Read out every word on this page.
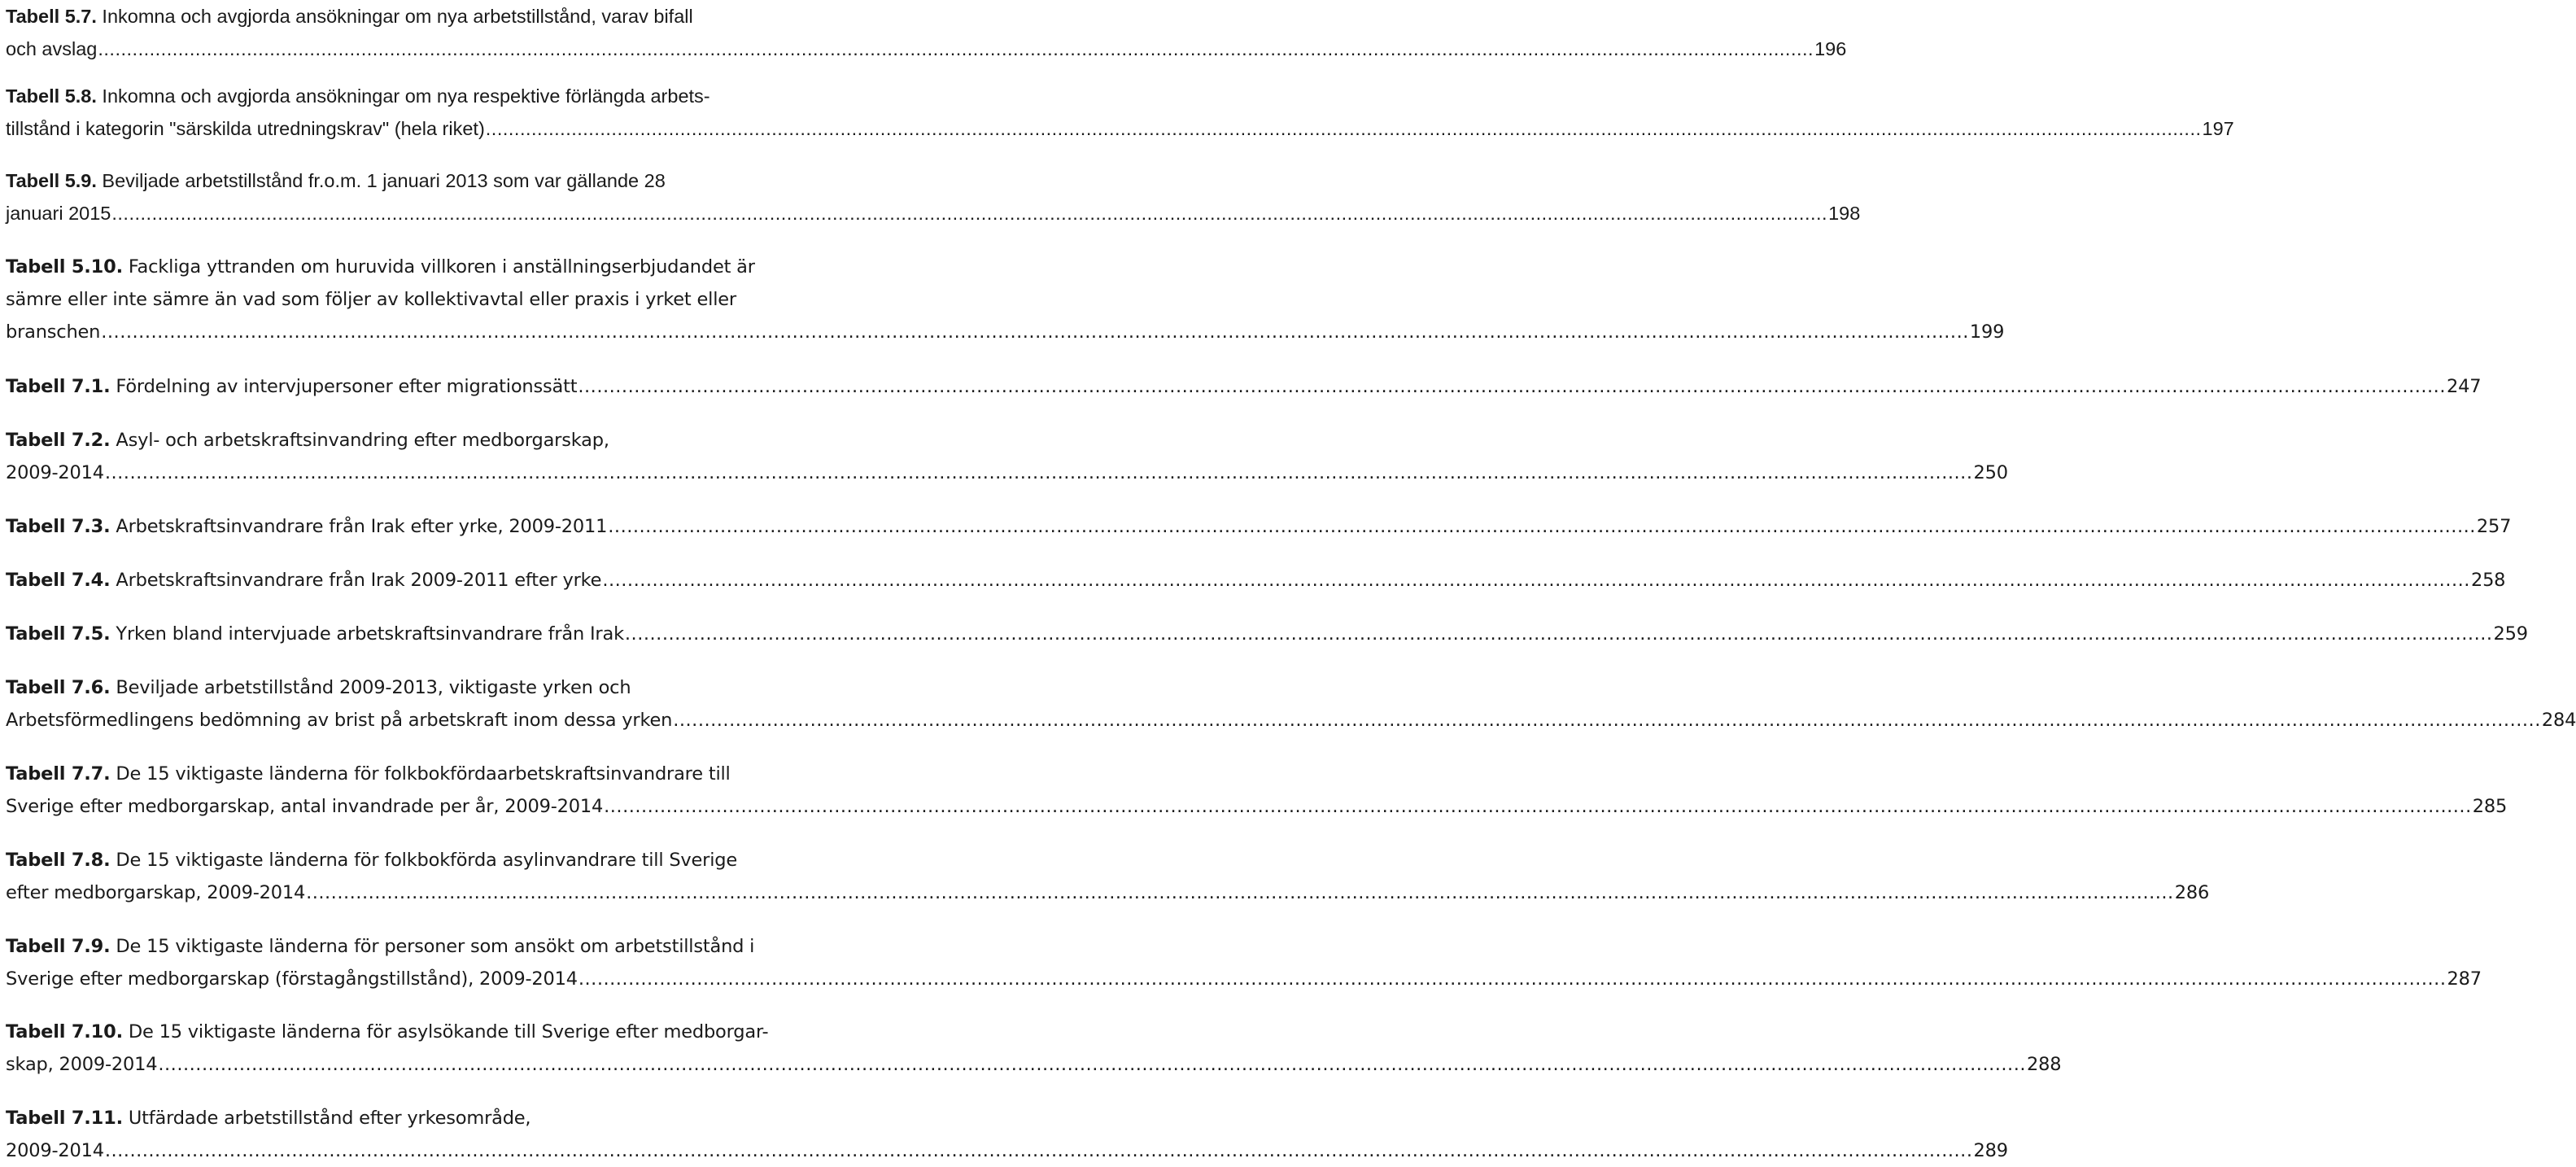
Tabell 5.7. Inkomna och avgjorda ansökningar om nya arbetstillstånd, varav bifall
och avslag ............................................................................................................................................................................................................................................................................................................ 196
Tabell 5.8. Inkomna och avgjorda ansökningar om nya respektive förlängda arbets-
tillstånd i kategorin "särskilda utredningskrav" (hela riket) ............................................................................................................................................................................................................................................................................................................ 197
Tabell 5.9. Beviljade arbetstillstånd fr.o.m. 1 januari 2013 som var gällande 28
januari 2015 ............................................................................................................................................................................................................................................................................................................ 198
Tabell 5.10. Fackliga yttranden om huruvida villkoren i anställningserbjudandet är
sämre eller inte sämre än vad som följer av kollektivavtal eller praxis i yrket eller
branschen ............................................................................................................................................................................................................................................................................................................ 199
Tabell 7.1. Fördelning av intervjupersoner efter migrationssätt ............................................................................................................................................................................................................................................................................................................ 247
Tabell 7.2. Asyl- och arbetskraftsinvandring efter medborgarskap,
2009-2014 ............................................................................................................................................................................................................................................................................................................ 250
Tabell 7.3. Arbetskraftsinvandrare från Irak efter yrke, 2009-2011 ............................................................................................................................................................................................................................................................................................................ 257
Tabell 7.4. Arbetskraftsinvandrare från Irak 2009-2011 efter yrke ............................................................................................................................................................................................................................................................................................................ 258
Tabell 7.5. Yrken bland intervjuade arbetskraftsinvandrare från Irak ............................................................................................................................................................................................................................................................................................................ 259
Tabell 7.6. Beviljade arbetstillstånd 2009-2013, viktigaste yrken och
Arbetsförmedlingens bedömning av brist på arbetskraft inom dessa yrken ............................................................................................................................................................................................................................................................................................................ 284
Tabell 7.7. De 15 viktigaste länderna för folkbokfördaarbetskraftsinvandrare till
Sverige efter medborgarskap, antal invandrade per år, 2009-2014 ............................................................................................................................................................................................................................................................................................................ 285
Tabell 7.8. De 15 viktigaste länderna för folkbokförda asylinvandrare till Sverige
efter medborgarskap, 2009-2014 ............................................................................................................................................................................................................................................................................................................ 286
Tabell 7.9. De 15 viktigaste länderna för personer som ansökt om arbetstillstånd i
Sverige efter medborgarskap (förstagångstillstånd), 2009-2014 ............................................................................................................................................................................................................................................................................................................ 287
Tabell 7.10. De 15 viktigaste länderna för asylsökande till Sverige efter medborgar-
skap, 2009-2014 ............................................................................................................................................................................................................................................................................................................ 288
Tabell 7.11. Utfärdade arbetstillstånd efter yrkesområde,
2009-2014 ............................................................................................................................................................................................................................................................................................................ 289
